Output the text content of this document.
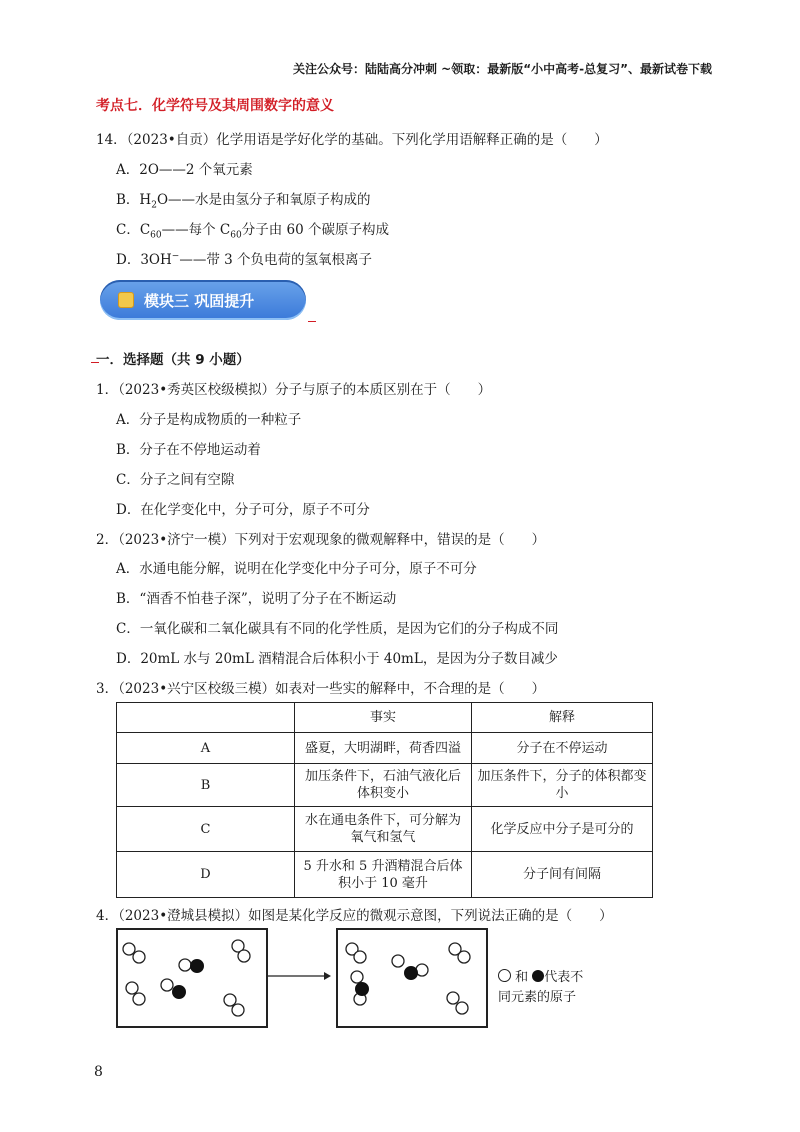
关注公众号：陆陆高分冲刺 ~领取：最新版“小中高考-总复习”、最新试卷下载
考点七．化学符号及其周围数字的意义
14．（2023•自贡）化学用语是学好化学的基础。下列化学用语解释正确的是（　　）
A．2O——2 个氧元素
B．$H_2O——$水是由氢分子和氧原子构成的
C．$C_{60}——$每个 $C_{60}$分子由 60 个碳原子构成
D．3OH−——带 3 个负电荷的氢氧根离子
模块三 巩固提升
一．选择题（共 9 小题）
1．（2023•秀英区校级模拟）分子与原子的本质区别在于（　　）
A．分子是构成物质的一种粒子
B．分子在不停地运动着
C．分子之间有空隙
D．在化学变化中，分子可分，原子不可分
2．（2023•济宁一模）下列对于宏观现象的微观解释中，错误的是（　　）
A．水通电能分解，说明在化学变化中分子可分，原子不可分
B．“酒香不怕巷子深”，说明了分子在不断运动
C．一氧化碳和二氧化碳具有不同的化学性质，是因为它们的分子构成不同
D．20mL 水与 20mL 酒精混合后体积小于 40mL，是因为分子数目减少
3．（2023•兴宁区校级三模）如表对一些实的解释中，不合理的是（　　）
	事实	解释
A	盛夏，大明湖畔，荷香四溢	分子在不停运动
B	加压条件下，石油气液化后体积变小	加压条件下，分子的体积都变小
C	水在通电条件下，可分解为氧气和氢气	化学反应中分子是可分的
D	5 升水和 5 升酒精混合后体积小于 10 毫升	分子间有间隔
4．（2023•澄城县模拟）如图是某化学反应的微观示意图，下列说法正确的是（　　）
和 代表不
同元素的原子
8
